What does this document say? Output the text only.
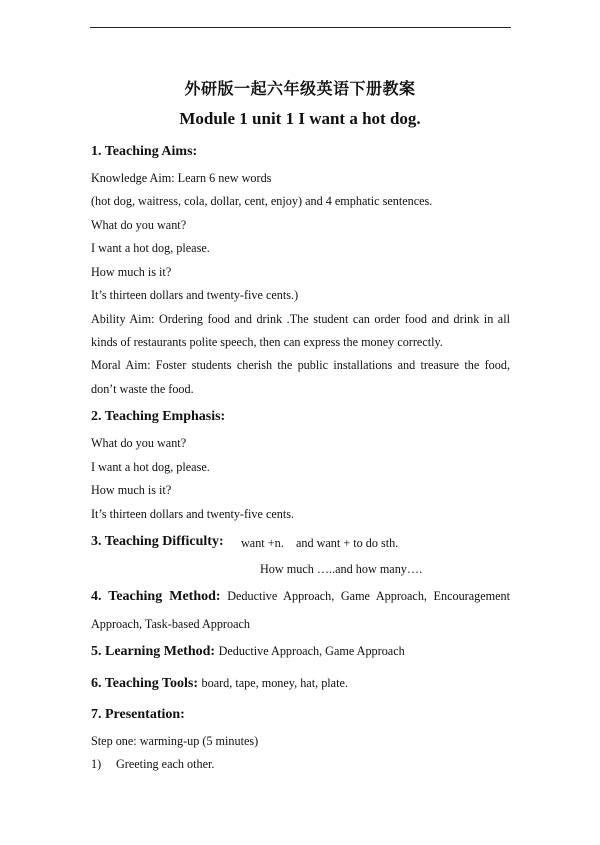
外研版一起六年级英语下册教案
Module 1 unit 1 I want a hot dog.
1. Teaching Aims:
Knowledge Aim: Learn 6 new words
(hot dog, waitress, cola, dollar, cent, enjoy) and 4 emphatic sentences.
What do you want?
I want a hot dog, please.
How much is it?
It’s thirteen dollars and twenty-five cents.)
Ability Aim: Ordering food and drink .The student can order food and drink in all
kinds of restaurants polite speech, then can express the money correctly.
Moral Aim: Foster students cherish the public installations and treasure the food,
don’t waste the food.
2. Teaching Emphasis:
What do you want?
I want a hot dog, please.
How much is it?
It’s thirteen dollars and twenty-five cents.
3. Teaching Difficulty: want +n.    and want + to do sth.
How much …..and how many….
4. Teaching Method: Deductive Approach, Game Approach, Encouragement
Approach, Task-based Approach
5. Learning Method: Deductive Approach, Game Approach
6. Teaching Tools: board, tape, money, hat, plate.
7. Presentation:
Step one: warming-up (5 minutes)
1) Greeting each other.
